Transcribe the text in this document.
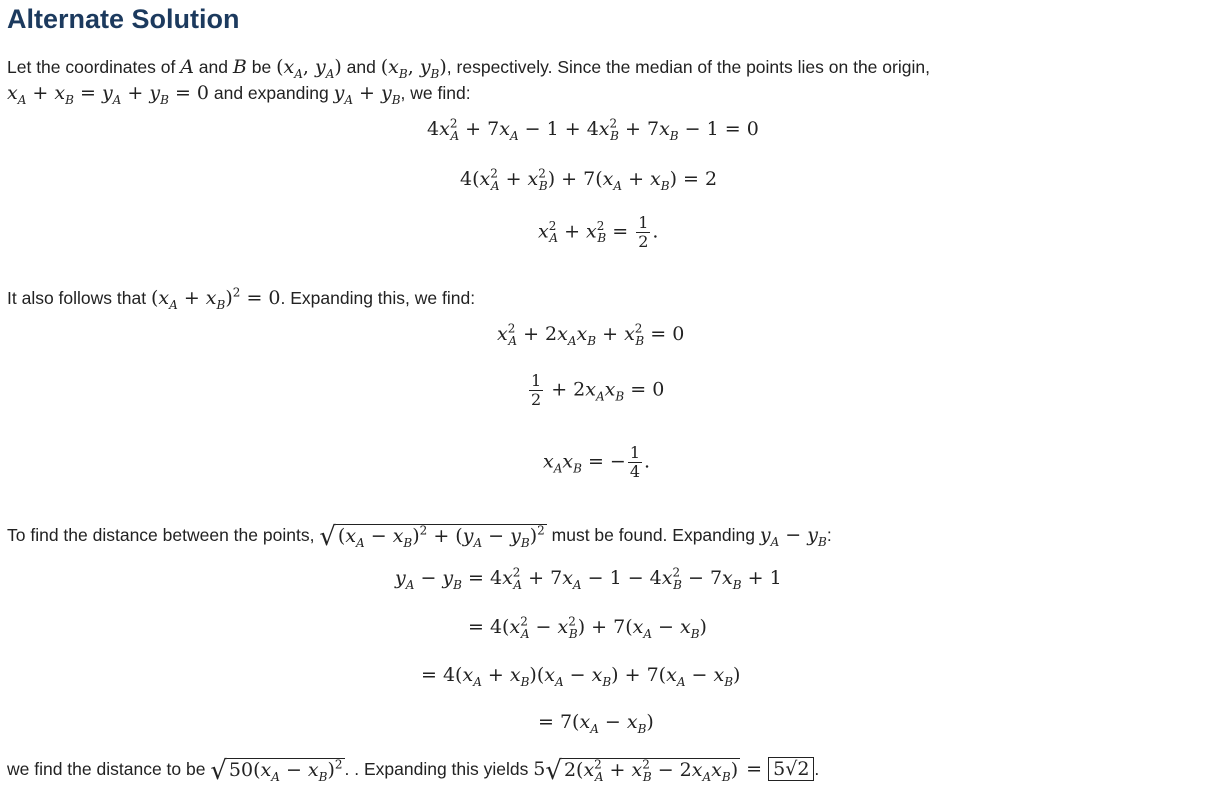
Alternate Solution
Let the coordinates of A and B be ($x_A$, $y_A$) and ($x_B$, $y_B$), respectively. Since the median of the points lies on the origin,
$x_A + x_B = y_A + y_B = 0$ and expanding $y_A + y_B$, we find:
$4x^2_A + 7x_A - 1 + 4x^2_B + 7x_B - 1 = 0$
$4(x^2_A + x^2_B) + 7(x_A + x_B) = 2$
$x^2_A + x^2_B = \frac{1}{2}$ .
It also follows that $(x_A + x_B)^2 = 0$. Expanding this, we find:
$x^2_A + 2x_Ax_B + x^2_B = 0$
$\frac{1}{2} + 2x_Ax_B = 0$
$x_Ax_B$ = − $\frac{1}{4}$ .
To find the distance between the points, √ $(x_A - x_B)^2 + (y_A - y_B)^2$ must be found. Expanding $y_A - y_B$:
$y_A - y_B = 4x^2_A + 7x_A - 1 - 4x^2_B - 7x_B + 1$
= $4(x^2_A - x^2_B) + 7(x_A - x_B)$
= $4(x_A + x_B)(x_A - x_B) + 7(x_A - x_B)$
= $7(x_A - x_B)$
we find the distance to be √ $50(x_A - x_B)^2$ . . Expanding this yields 5√ $2(x^2_A + x^2_B - 2x_Ax_B) = 5√2$ .
